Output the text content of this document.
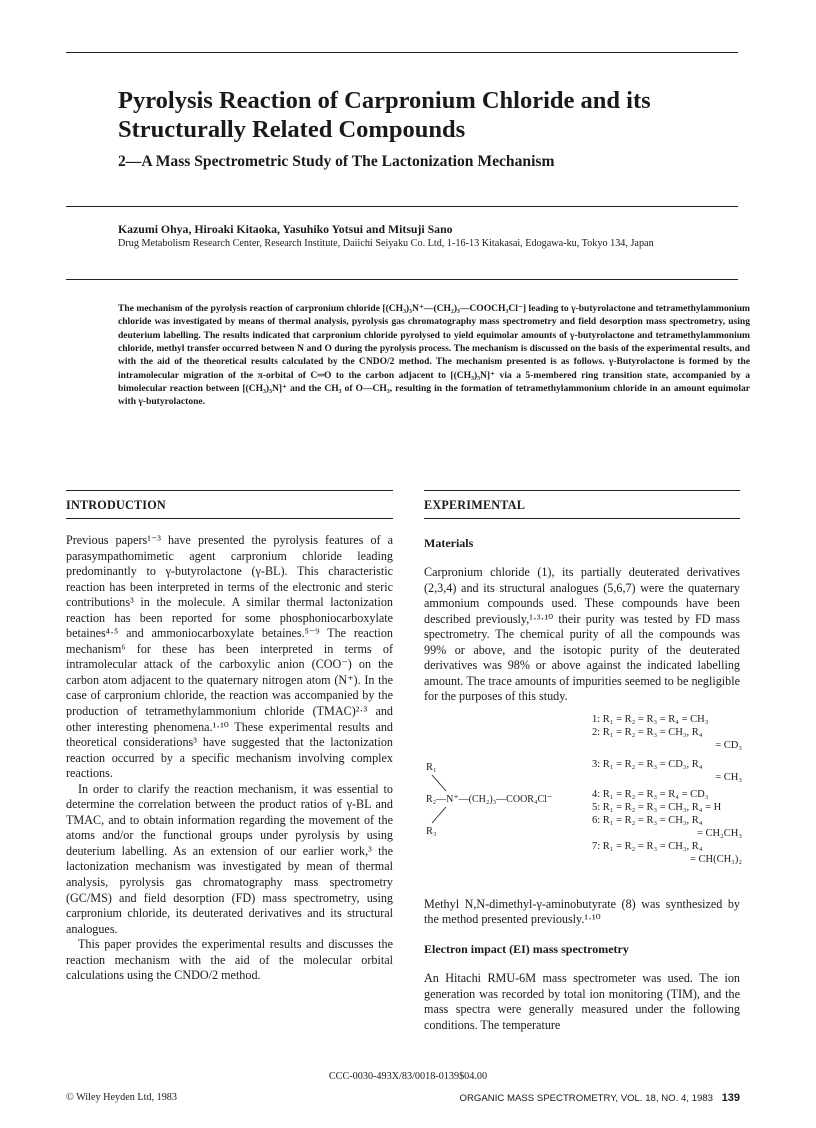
Pyrolysis Reaction of Carpronium Chloride and its Structurally Related Compounds
2—A Mass Spectrometric Study of The Lactonization Mechanism
Kazumi Ohya, Hiroaki Kitaoka, Yasuhiko Yotsui and Mitsuji Sano
Drug Metabolism Research Center, Research Institute, Daiichi Seiyaku Co. Ltd, 1-16-13 Kitakasai, Edogawa-ku, Tokyo 134, Japan
The mechanism of the pyrolysis reaction of carpronium chloride [(CH₃)₃N⁺—(CH₂)₃—COOCH₃Cl⁻] leading to γ-butyrolactone and tetramethylammonium chloride was investigated by means of thermal analysis, pyrolysis gas chromatography mass spectrometry and field desorption mass spectrometry, using deuterium labelling. The results indicated that carpronium chloride pyrolysed to yield equimolar amounts of γ-butyrolactone and tetramethylammonium chloride, methyl transfer occurred between N and O during the pyrolysis process. The mechanism is discussed on the basis of the experimental results, and with the aid of the theoretical results calculated by the CNDO/2 method. The mechanism presented is as follows. γ-Butyrolactone is formed by the intramolecular migration of the π-orbital of C═O to the carbon adjacent to [(CH₃)₃N]⁺ via a 5-membered ring transition state, accompanied by a bimolecular reaction between [(CH₃)₃N]⁺ and the CH₃ of O—CH₃, resulting in the formation of tetramethylammonium chloride in an amount equimolar with γ-butyrolactone.
INTRODUCTION
Previous papers¹⁻³ have presented the pyrolysis features of a parasympathomimetic agent carpronium chloride leading predominantly to γ-butyrolactone (γ-BL). This characteristic reaction has been interpreted in terms of the electronic and steric contributions³ in the molecule. A similar thermal lactonization reaction has been reported for some phosphoniocarboxylate betaines⁴·⁵ and ammoniocarboxylate betaines.⁵⁻⁹ The reaction mechanism⁶ for these has been interpreted in terms of intramolecular attack of the carboxylic anion (COO⁻) on the carbon atom adjacent to the quaternary nitrogen atom (N⁺). In the case of carpronium chloride, the reaction was accompanied by the production of tetramethylammonium chloride (TMAC)²·³ and other interesting phenomena.¹·¹⁰ These experimental results and theoretical considerations³ have suggested that the lactonization reaction occurred by a specific mechanism involving complex reactions.
In order to clarify the reaction mechanism, it was essential to determine the correlation between the product ratios of γ-BL and TMAC, and to obtain information regarding the movement of the atoms and/or the functional groups under pyrolysis by using deuterium labelling. As an extension of our earlier work,³ the lactonization mechanism was investigated by mean of thermal analysis, pyrolysis gas chromatography mass spectrometry (GC/MS) and field desorption (FD) mass spectrometry, using carpronium chloride, its deuterated derivatives and its structural analogues.
This paper provides the experimental results and discusses the reaction mechanism with the aid of the molecular orbital calculations using the CNDO/2 method.
EXPERIMENTAL
Materials
Carpronium chloride (1), its partially deuterated derivatives (2,3,4) and its structural analogues (5,6,7) were the quaternary ammonium compounds used. These compounds have been described previously,¹·³·¹⁰ their purity was tested by FD mass spectrometry. The chemical purity of all the compounds was 99% or above, and the isotopic purity of the deuterated derivatives was 98% or above against the indicated labelling amount. The trace amounts of impurities seemed to be negligible for the purposes of this study.
R₁
R₂—N⁺—(CH₂)₃—COOR₄Cl⁻
R₃
1: R₁ = R₂ = R₃ = R₄ = CH₃
2: R₁ = R₂ = R₃ = CH₃, R₄
= CD₃
3: R₁ = R₂ = R₃ = CD₃, R₄
= CH₃
4: R₁ = R₂ = R₃ = R₄ = CD₃
5: R₁ = R₂ = R₃ = CH₃, R₄ = H
6: R₁ = R₂ = R₃ = CH₃, R₄
= CH₂CH₃
7: R₁ = R₂ = R₃ = CH₃, R₄
= CH(CH₃)₂
Methyl N,N-dimethyl-γ-aminobutyrate (8) was synthesized by the method presented previously.¹·¹⁰
Electron impact (EI) mass spectrometry
An Hitachi RMU-6M mass spectrometer was used. The ion generation was recorded by total ion monitoring (TIM), and the mass spectra were generally measured under the following conditions. The temperature
CCC-0030-493X/83/0018-0139$04.00
© Wiley Heyden Ltd, 1983	ORGANIC MASS SPECTROMETRY, VOL. 18, NO. 4, 1983 139
